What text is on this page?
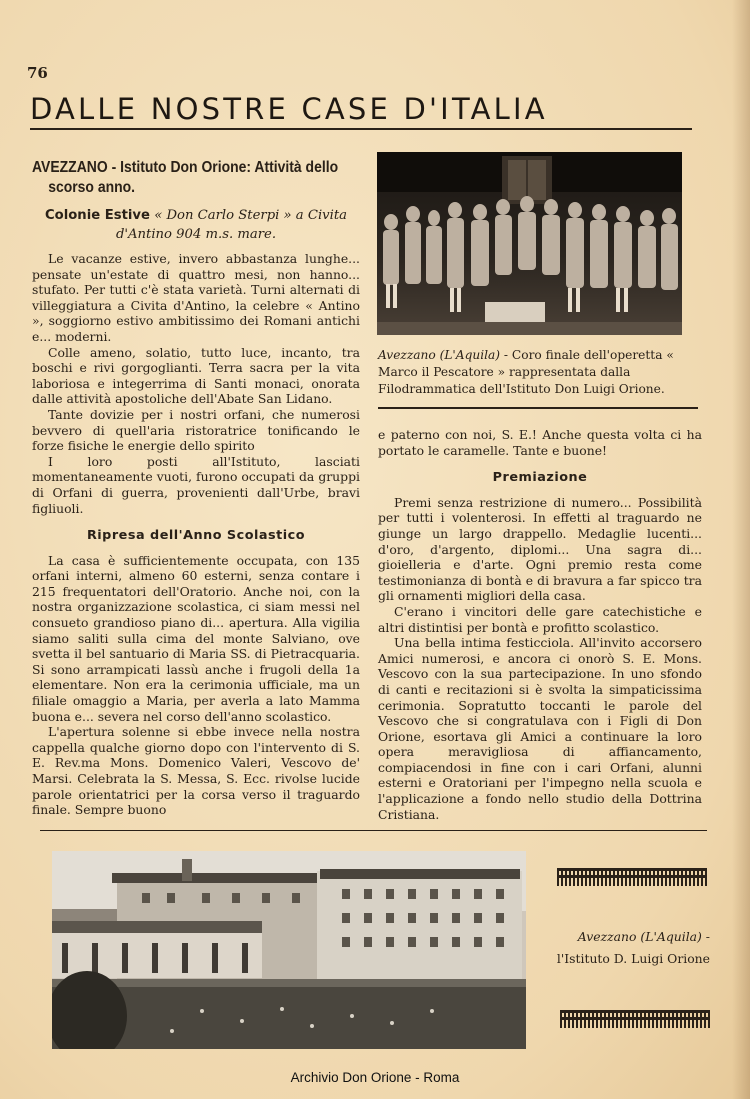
76
DALLE NOSTRE CASE D'ITALIA
AVEZZANO - Istituto Don Orione: Attività dello
scorso anno.
Colonie Estive « Don Carlo Sterpi » a Civita d'Antino 904 m.s. mare.

Le vacanze estive, invero abbastanza lunghe... pensate un'estate di quattro mesi, non hanno... stufato. Per tutti c'è stata varietà. Turni alternati di villeggiatura a Civita d'Antino, la celebre « Antino », soggiorno estivo ambitissimo dei Romani antichi e... moderni.

Colle ameno, solatio, tutto luce, incanto, tra boschi e rivi gorgoglianti. Terra sacra per la vita laboriosa e integerrima di Santi monaci, onorata dalle attività apostoliche dell'Abate San Lidano.

Tante dovizie per i nostri orfani, che numerosi bevvero di quell'aria ristoratrice tonificando le forze fisiche le energie dello spirito

I loro posti all'Istituto, lasciati momentaneamente vuoti, furono occupati da gruppi di Orfani di guerra, provenienti dall'Urbe, bravi figliuoli.

Ripresa dell'Anno Scolastico

La casa è sufficientemente occupata, con 135 orfani interni, almeno 60 esterni, senza contare i 215 frequentatori dell'Oratorio. Anche noi, con la nostra organizzazione scolastica, ci siam messi nel consueto grandioso piano di... apertura. Alla vigilia siamo saliti sulla cima del monte Salviano, ove svetta il bel santuario di Maria SS. di Pietracquaria. Si sono arrampicati lassù anche i frugoli della 1a elementare. Non era la cerimonia ufficiale, ma un filiale omaggio a Maria, per averla a lato Mamma buona e... severa nel corso dell'anno scolastico.

L'apertura solenne si ebbe invece nella nostra cappella qualche giorno dopo con l'intervento di S. E. Rev.ma Mons. Domenico Valeri, Vescovo de' Marsi. Celebrata la S. Messa, S. Ecc. rivolse lucide parole orientatrici per la corsa verso il traguardo finale. Sempre buono

Avezzano (L'Aquila) - Coro finale dell'operetta « Marco il Pescatore » rappresentata dalla Filodrammatica dell'Istituto Don Luigi Orione.

e paterno con noi, S. E.! Anche questa volta ci ha portato le caramelle. Tante e buone!

Premiazione

Premi senza restrizione di numero... Possibilità per tutti i volenterosi. In effetti al traguardo ne giunge un largo drappello. Medaglie lucenti... d'oro, d'argento, diplomi... Una sagra di... gioielleria e d'arte. Ogni premio resta come testimonianza di bontà e di bravura a far spicco tra gli ornamenti migliori della casa.

C'erano i vincitori delle gare catechistiche e altri distintisi per bontà e profitto scolastico.

Una bella intima festicciola. All'invito accorsero Amici numerosi, e ancora ci onorò S. E. Mons. Vescovo con la sua partecipazione. In uno sfondo di canti e recitazioni si è svolta la simpaticissima cerimonia. Sopratutto toccanti le parole del Vescovo che si congratulava con i Figli di Don Orione, esortava gli Amici a continuare la loro opera meravigliosa di affiancamento, compiacendosi in fine con i cari Orfani, alunni esterni e Oratoriani per l'impegno nella scuola e l'applicazione a fondo nello studio della Dottrina Cristiana.

Avezzano (L'Aquila) -
l'Istituto D. Luigi Orione
Archivio Don Orione - Roma
